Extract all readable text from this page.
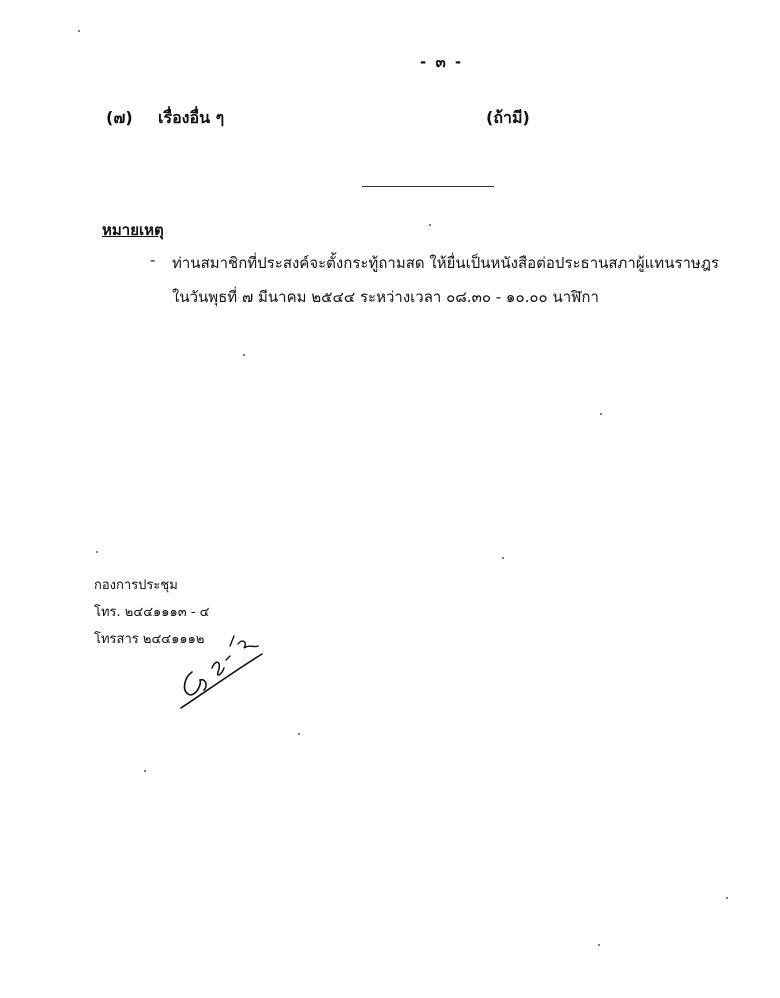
- ๓ -
(๗) เรื่องอื่น ๆ	(ถ้ามี)
หมายเหตุ
- ท่านสมาชิกที่ประสงค์จะตั้งกระทู้ถามสด ให้ยื่นเป็นหนังสือต่อประธานสภาผู้แทนราษฎร
ในวันพุธที่ ๗ มีนาคม ๒๕๔๔ ระหว่างเวลา ๐๘.๓๐ - ๑๐.๐๐ นาฬิกา
กองการประชุม
โทร. ๒๔๔๑๑๑๓ - ๔
โทรสาร ๒๔๔๑๑๑๒
